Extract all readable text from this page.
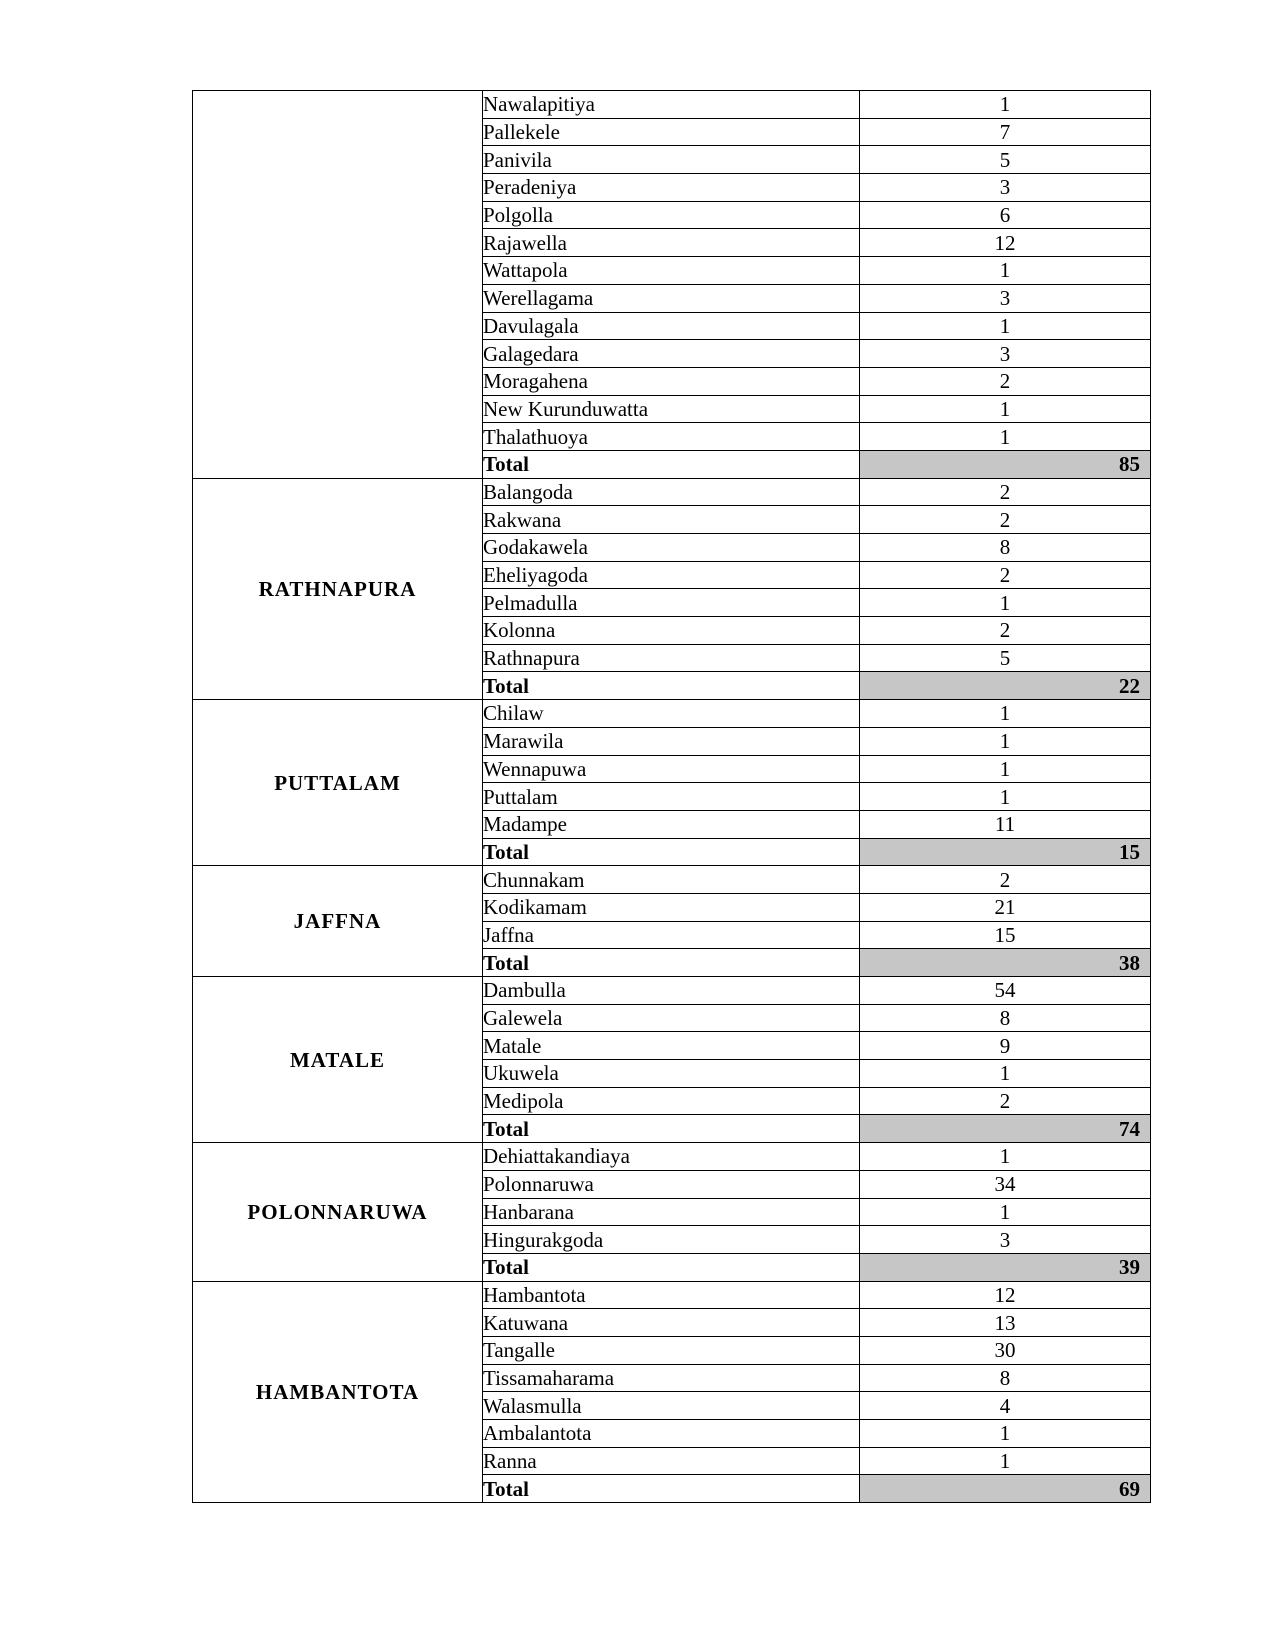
	Nawalapitiya	1
	Pallekele	7
	Panivila	5
	Peradeniya	3
	Polgolla	6
	Rajawella	12
	Wattapola	1
	Werellagama	3
	Davulagala	1
	Galagedara	3
	Moragahena	2
	New Kurunduwatta	1
	Thalathuoya	1
	Total	85
RATHNAPURA	Balangoda	2
	Rakwana	2
	Godakawela	8
	Eheliyagoda	2
	Pelmadulla	1
	Kolonna	2
	Rathnapura	5
	Total	22
PUTTALAM	Chilaw	1
	Marawila	1
	Wennapuwa	1
	Puttalam	1
	Madampe	11
	Total	15
JAFFNA	Chunnakam	2
	Kodikamam	21
	Jaffna	15
	Total	38
MATALE	Dambulla	54
	Galewela	8
	Matale	9
	Ukuwela	1
	Medipola	2
	Total	74
POLONNARUWA	Dehiattakandiaya	1
	Polonnaruwa	34
	Hanbarana	1
	Hingurakgoda	3
	Total	39
HAMBANTOTA	Hambantota	12
	Katuwana	13
	Tangalle	30
	Tissamaharama	8
	Walasmulla	4
	Ambalantota	1
	Ranna	1
	Total	69
